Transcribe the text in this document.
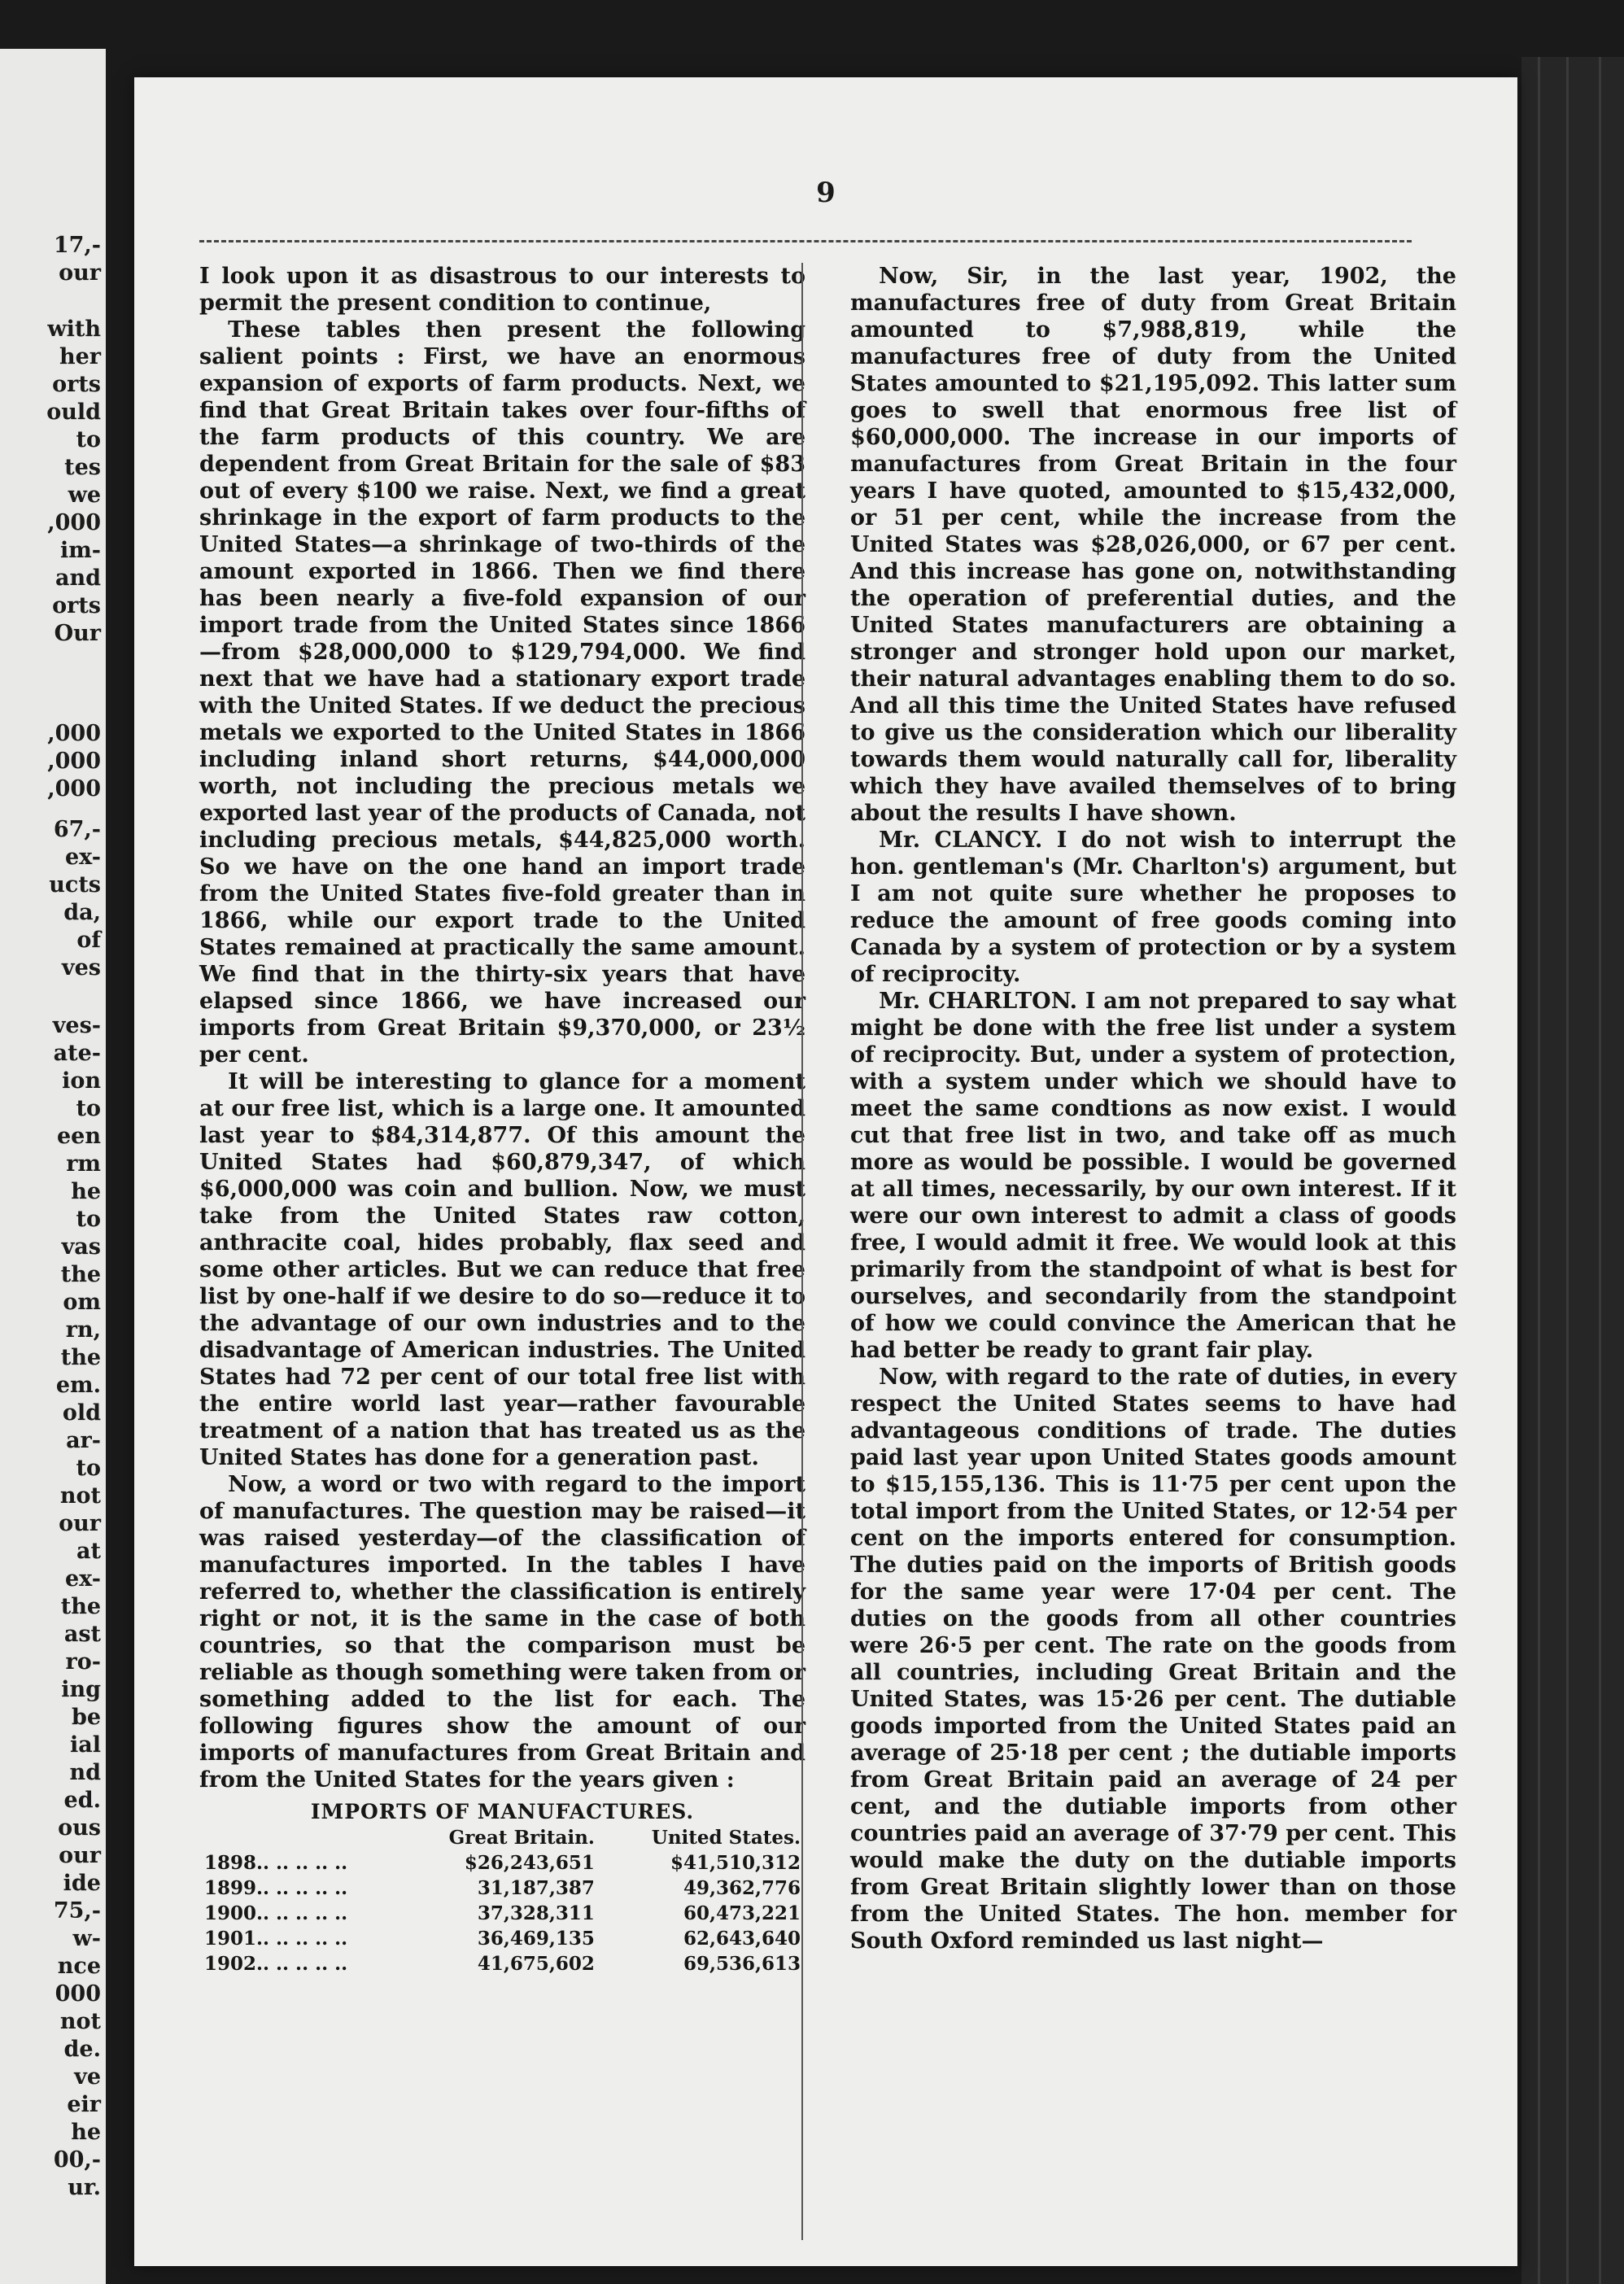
17,-
our
with
her
orts
ould
to
tes
we
,000
im-
and
orts
Our
,000
,000
,000
67,-
ex-
ucts
da,
of
ves
ves-
ate-
ion
to
een
rm
he
to
vas
the
om
rn,
the
em.
old
ar-
to
not
our
at
ex-
the
ast
ro-
ing
be
ial
nd
ed.
ous
our
ide
75,-
w-
nce
000
not
de.
ve
eir
he
00,-
ur.
9

I look upon it as disastrous to our interests to permit the present condition to continue,

These tables then present the following salient points : First, we have an enormous expansion of exports of farm products. Next, we find that Great Britain takes over four-fifths of the farm products of this country. We are dependent from Great Britain for the sale of $83 out of every $100 we raise. Next, we find a great shrinkage in the export of farm products to the United States—a shrinkage of two-thirds of the amount exported in 1866. Then we find there has been nearly a five-fold expansion of our import trade from the United States since 1866—from $28,000,000 to $129,794,000. We find next that we have had a stationary export trade with the United States. If we deduct the precious metals we exported to the United States in 1866 including inland short returns, $44,000,000 worth, not including the precious metals we exported last year of the products of Canada, not including precious metals, $44,825,000 worth. So we have on the one hand an import trade from the United States five-fold greater than in 1866, while our export trade to the United States remained at practically the same amount. We find that in the thirty-six years that have elapsed since 1866, we have increased our imports from Great Britain $9,370,000, or 23½ per cent.

It will be interesting to glance for a moment at our free list, which is a large one. It amounted last year to $84,314,877. Of this amount the United States had $60,879,347, of which $6,000,000 was coin and bullion. Now, we must take from the United States raw cotton, anthracite coal, hides probably, flax seed and some other articles. But we can reduce that free list by one-half if we desire to do so—reduce it to the advantage of our own industries and to the disadvantage of American industries. The United States had 72 per cent of our total free list with the entire world last year—rather favourable treatment of a nation that has treated us as the United States has done for a generation past.

Now, a word or two with regard to the import of manufactures. The question may be raised—it was raised yesterday—of the classification of manufactures imported. In the tables I have referred to, whether the classification is entirely right or not, it is the same in the case of both countries, so that the comparison must be reliable as though something were taken from or something added to the list for each. The following figures show the amount of our imports of manufactures from Great Britain and from the United States for the years given :

IMPORTS OF MANUFACTURES.
	Great Britain.	United States.
1898.. .. .. .. ..	$26,243,651	$41,510,312
1899.. .. .. .. ..	31,187,387	49,362,776
1900.. .. .. .. ..	37,328,311	60,473,221
1901.. .. .. .. ..	36,469,135	62,643,640
1902.. .. .. .. ..	41,675,602	69,536,613

Now, Sir, in the last year, 1902, the manufactures free of duty from Great Britain amounted to $7,988,819, while the manufactures free of duty from the United States amounted to $21,195,092. This latter sum goes to swell that enormous free list of $60,000,000. The increase in our imports of manufactures from Great Britain in the four years I have quoted, amounted to $15,432,000, or 51 per cent, while the increase from the United States was $28,026,000, or 67 per cent. And this increase has gone on, notwithstanding the operation of preferential duties, and the United States manufacturers are obtaining a stronger and stronger hold upon our market, their natural advantages enabling them to do so. And all this time the United States have refused to give us the consideration which our liberality towards them would naturally call for, liberality which they have availed themselves of to bring about the results I have shown.

Mr. CLANCY. I do not wish to interrupt the hon. gentleman's (Mr. Charlton's) argument, but I am not quite sure whether he proposes to reduce the amount of free goods coming into Canada by a system of protection or by a system of reciprocity.

Mr. CHARLTON. I am not prepared to say what might be done with the free list under a system of reciprocity. But, under a system of protection, with a system under which we should have to meet the same condtions as now exist. I would cut that free list in two, and take off as much more as would be possible. I would be governed at all times, necessarily, by our own interest. If it were our own interest to admit a class of goods free, I would admit it free. We would look at this primarily from the standpoint of what is best for ourselves, and secondarily from the standpoint of how we could convince the American that he had better be ready to grant fair play.

Now, with regard to the rate of duties, in every respect the United States seems to have had advantageous conditions of trade. The duties paid last year upon United States goods amount to $15,155,136. This is 11·75 per cent upon the total import from the United States, or 12·54 per cent on the imports entered for consumption. The duties paid on the imports of British goods for the same year were 17·04 per cent. The duties on the goods from all other countries were 26·5 per cent. The rate on the goods from all countries, including Great Britain and the United States, was 15·26 per cent. The dutiable goods imported from the United States paid an average of 25·18 per cent ; the dutiable imports from Great Britain paid an average of 24 per cent, and the dutiable imports from other countries paid an average of 37·79 per cent. This would make the duty on the dutiable imports from Great Britain slightly lower than on those from the United States. The hon. member for South Oxford reminded us last night—
